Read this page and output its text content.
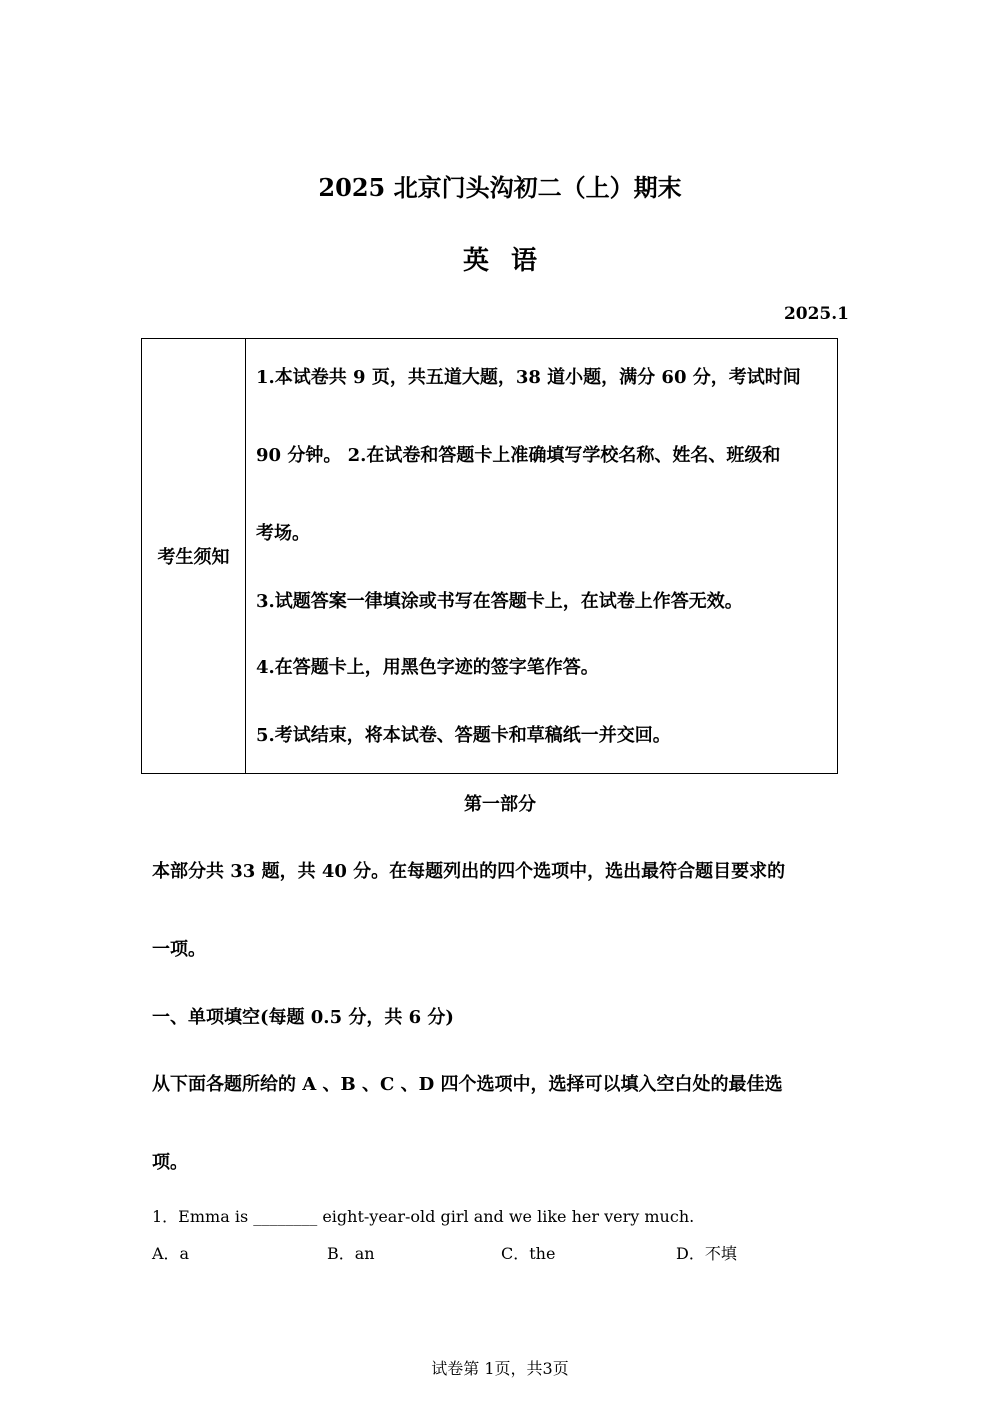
2025 北京门头沟初二（上）期末
英语
2025.1
考生须知
1.本试卷共 9 页，共五道大题，38 道小题，满分 60 分，考试时间
90 分钟。 2.在试卷和答题卡上准确填写学校名称、姓名、班级和
考场。
3.试题答案一律填涂或书写在答题卡上，在试卷上作答无效。
4.在答题卡上，用黑色字迹的签字笔作答。
5.考试结束，将本试卷、答题卡和草稿纸一并交回。
第一部分
本部分共 33 题，共 40 分。在每题列出的四个选项中，选出最符合题目要求的
一项。
一、单项填空(每题 0.5 分，共 6 分)
从下面各题所给的 A 、B 、C 、D 四个选项中，选择可以填入空白处的最佳选
项。
1．Emma is ________ eight-year-old girl and we like her very much.
A．a	B．an	C．the	D．不填
试卷第 1页，共3页
